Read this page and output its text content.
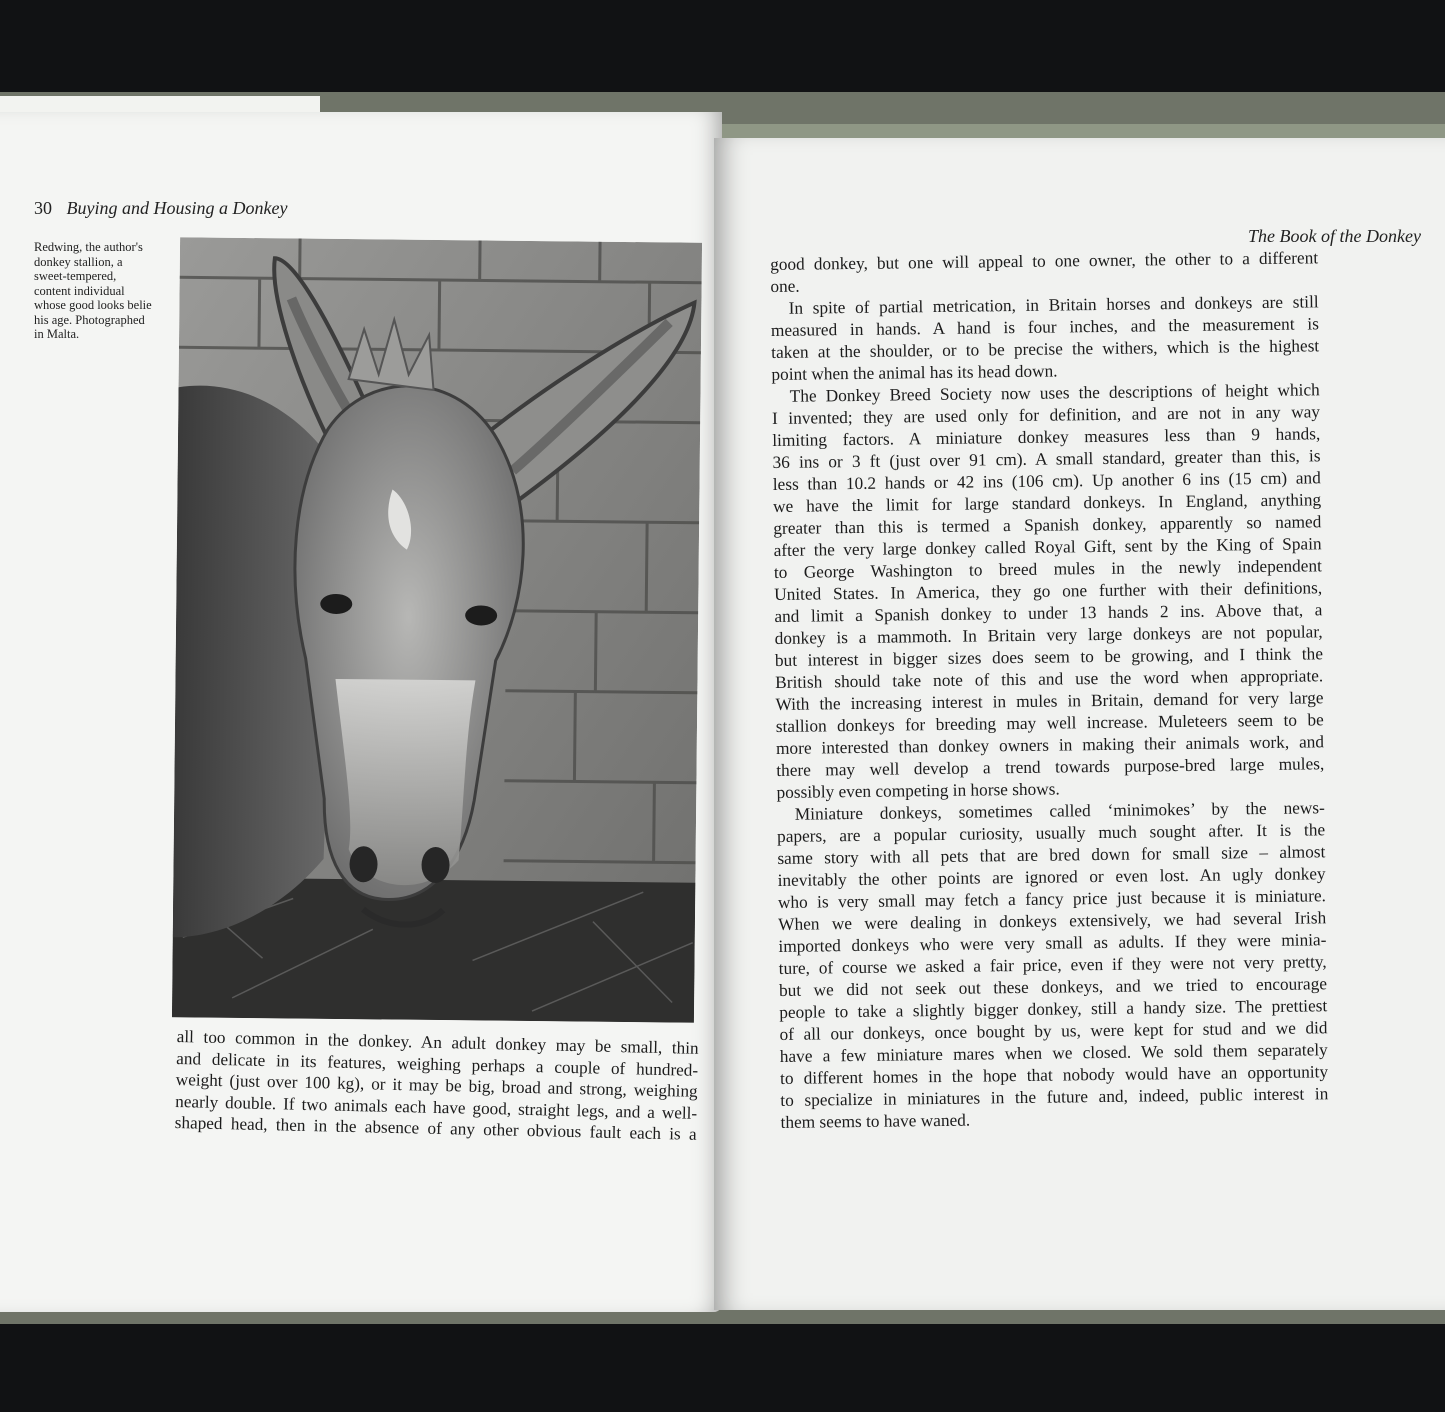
30 Buying and Housing a Donkey
The Book of the Donkey
Redwing, the author's
donkey stallion, a
sweet-tempered,
content individual
whose good looks belie
his age. Photographed
in Malta.
all too common in the donkey. An adult donkey may be small, thin
and delicate in its features, weighing perhaps a couple of hundred-
weight (just over 100 kg), or it may be big, broad and strong, weighing
nearly double. If two animals each have good, straight legs, and a well-
shaped head, then in the absence of any other obvious fault each is a
good donkey, but one will appeal to one owner, the other to a different
one.
In spite of partial metrication, in Britain horses and donkeys are still
measured in hands. A hand is four inches, and the measurement is
taken at the shoulder, or to be precise the withers, which is the highest
point when the animal has its head down.
The Donkey Breed Society now uses the descriptions of height which
I invented; they are used only for definition, and are not in any way
limiting factors. A miniature donkey measures less than 9 hands,
36 ins or 3 ft (just over 91 cm). A small standard, greater than this, is
less than 10.2 hands or 42 ins (106 cm). Up another 6 ins (15 cm) and
we have the limit for large standard donkeys. In England, anything
greater than this is termed a Spanish donkey, apparently so named
after the very large donkey called Royal Gift, sent by the King of Spain
to George Washington to breed mules in the newly independent
United States. In America, they go one further with their definitions,
and limit a Spanish donkey to under 13 hands 2 ins. Above that, a
donkey is a mammoth. In Britain very large donkeys are not popular,
but interest in bigger sizes does seem to be growing, and I think the
British should take note of this and use the word when appropriate.
With the increasing interest in mules in Britain, demand for very large
stallion donkeys for breeding may well increase. Muleteers seem to be
more interested than donkey owners in making their animals work, and
there may well develop a trend towards purpose-bred large mules,
possibly even competing in horse shows.
Miniature donkeys, sometimes called ‘minimokes’ by the news-
papers, are a popular curiosity, usually much sought after. It is the
same story with all pets that are bred down for small size – almost
inevitably the other points are ignored or even lost. An ugly donkey
who is very small may fetch a fancy price just because it is miniature.
When we were dealing in donkeys extensively, we had several Irish
imported donkeys who were very small as adults. If they were minia-
ture, of course we asked a fair price, even if they were not very pretty,
but we did not seek out these donkeys, and we tried to encourage
people to take a slightly bigger donkey, still a handy size. The prettiest
of all our donkeys, once bought by us, were kept for stud and we did
have a few miniature mares when we closed. We sold them separately
to different homes in the hope that nobody would have an opportunity
to specialize in miniatures in the future and, indeed, public interest in
them seems to have waned.
